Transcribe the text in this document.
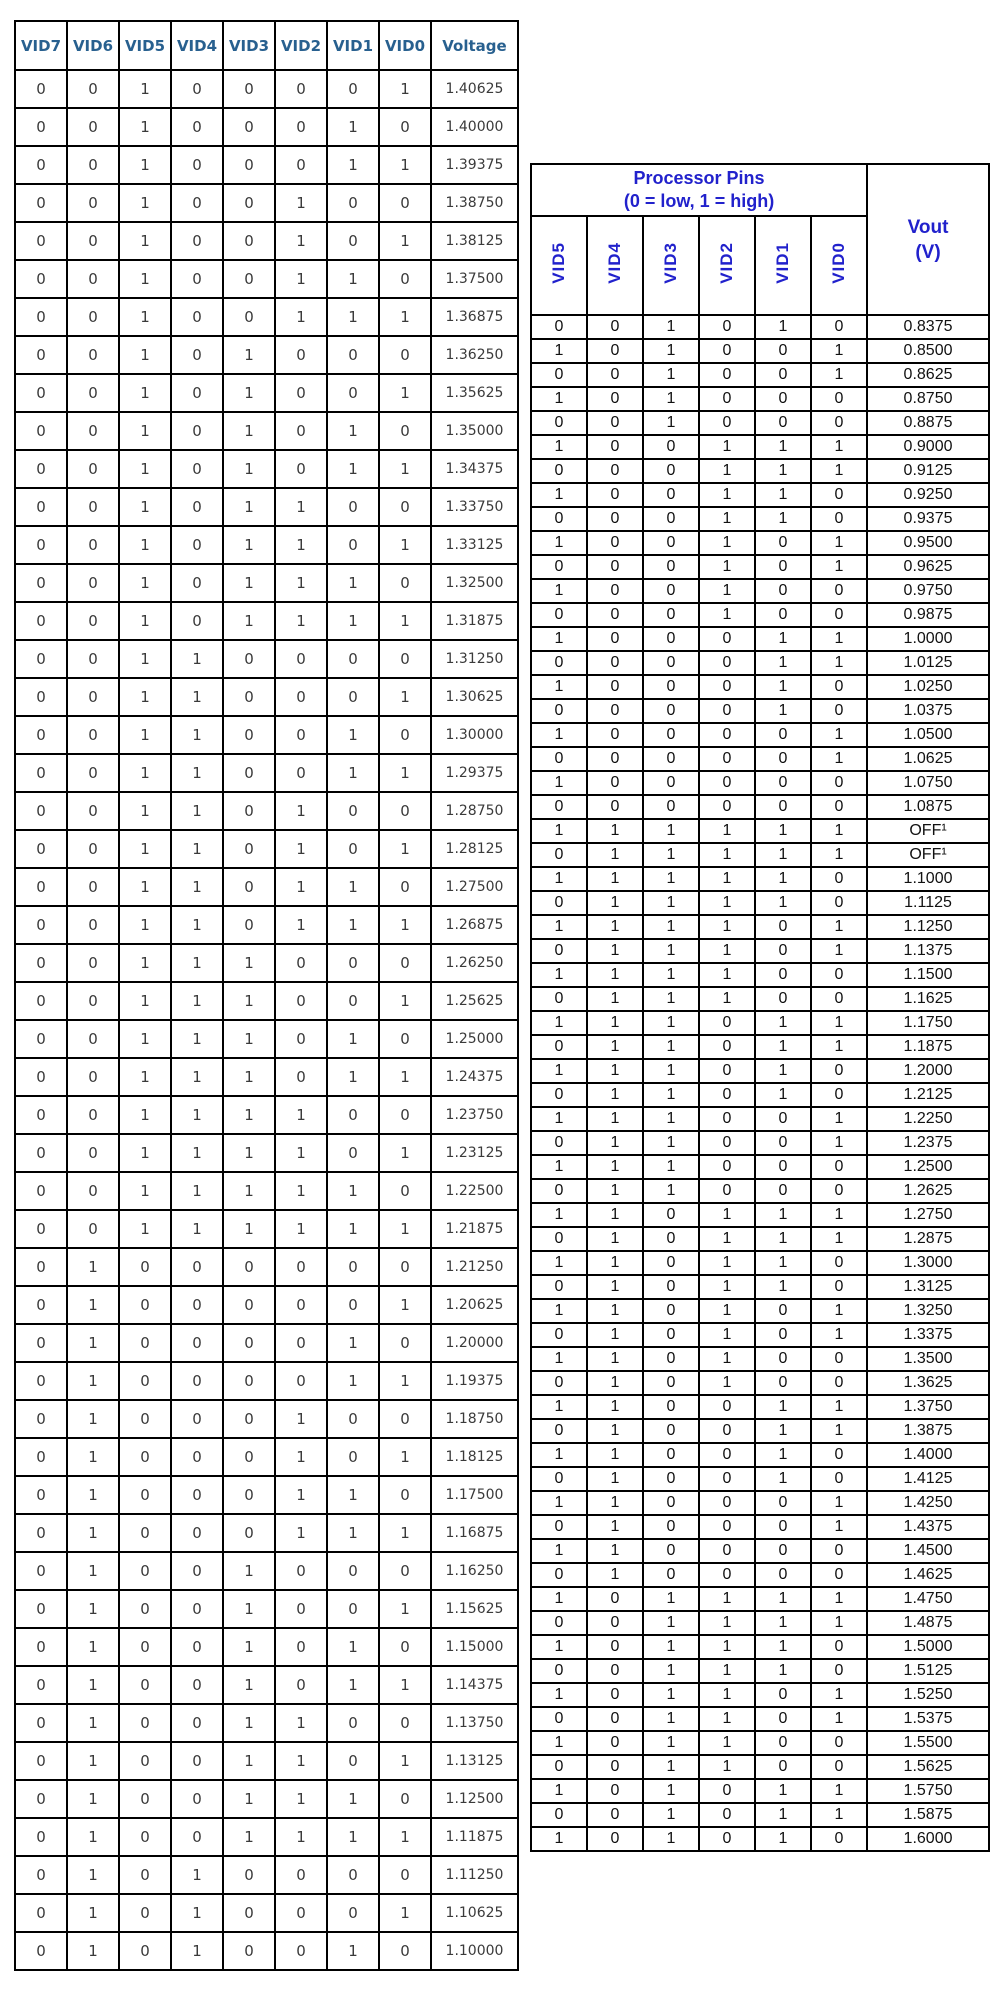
VID7	VID6	VID5	VID4	VID3	VID2	VID1	VID0	Voltage
0	0	1	0	0	0	0	1	1.40625
0	0	1	0	0	0	1	0	1.40000
0	0	1	0	0	0	1	1	1.39375
0	0	1	0	0	1	0	0	1.38750
0	0	1	0	0	1	0	1	1.38125
0	0	1	0	0	1	1	0	1.37500
0	0	1	0	0	1	1	1	1.36875
0	0	1	0	1	0	0	0	1.36250
0	0	1	0	1	0	0	1	1.35625
0	0	1	0	1	0	1	0	1.35000
0	0	1	0	1	0	1	1	1.34375
0	0	1	0	1	1	0	0	1.33750
0	0	1	0	1	1	0	1	1.33125
0	0	1	0	1	1	1	0	1.32500
0	0	1	0	1	1	1	1	1.31875
0	0	1	1	0	0	0	0	1.31250
0	0	1	1	0	0	0	1	1.30625
0	0	1	1	0	0	1	0	1.30000
0	0	1	1	0	0	1	1	1.29375
0	0	1	1	0	1	0	0	1.28750
0	0	1	1	0	1	0	1	1.28125
0	0	1	1	0	1	1	0	1.27500
0	0	1	1	0	1	1	1	1.26875
0	0	1	1	1	0	0	0	1.26250
0	0	1	1	1	0	0	1	1.25625
0	0	1	1	1	0	1	0	1.25000
0	0	1	1	1	0	1	1	1.24375
0	0	1	1	1	1	0	0	1.23750
0	0	1	1	1	1	0	1	1.23125
0	0	1	1	1	1	1	0	1.22500
0	0	1	1	1	1	1	1	1.21875
0	1	0	0	0	0	0	0	1.21250
0	1	0	0	0	0	0	1	1.20625
0	1	0	0	0	0	1	0	1.20000
0	1	0	0	0	0	1	1	1.19375
0	1	0	0	0	1	0	0	1.18750
0	1	0	0	0	1	0	1	1.18125
0	1	0	0	0	1	1	0	1.17500
0	1	0	0	0	1	1	1	1.16875
0	1	0	0	1	0	0	0	1.16250
0	1	0	0	1	0	0	1	1.15625
0	1	0	0	1	0	1	0	1.15000
0	1	0	0	1	0	1	1	1.14375
0	1	0	0	1	1	0	0	1.13750
0	1	0	0	1	1	0	1	1.13125
0	1	0	0	1	1	1	0	1.12500
0	1	0	0	1	1	1	1	1.11875
0	1	0	1	0	0	0	0	1.11250
0	1	0	1	0	0	0	1	1.10625
0	1	0	1	0	0	1	0	1.10000
Processor Pins
(0 = low, 1 = high)

Vout
(V)

VID5	VID4	VID3	VID2	VID1	VID0	
0	0	1	0	1	0	0.8375
1	0	1	0	0	1	0.8500
0	0	1	0	0	1	0.8625
1	0	1	0	0	0	0.8750
0	0	1	0	0	0	0.8875
1	0	0	1	1	1	0.9000
0	0	0	1	1	1	0.9125
1	0	0	1	1	0	0.9250
0	0	0	1	1	0	0.9375
1	0	0	1	0	1	0.9500
0	0	0	1	0	1	0.9625
1	0	0	1	0	0	0.9750
0	0	0	1	0	0	0.9875
1	0	0	0	1	1	1.0000
0	0	0	0	1	1	1.0125
1	0	0	0	1	0	1.0250
0	0	0	0	1	0	1.0375
1	0	0	0	0	1	1.0500
0	0	0	0	0	1	1.0625
1	0	0	0	0	0	1.0750
0	0	0	0	0	0	1.0875
1	1	1	1	1	1	OFF¹
0	1	1	1	1	1	OFF¹
1	1	1	1	1	0	1.1000
0	1	1	1	1	0	1.1125
1	1	1	1	0	1	1.1250
0	1	1	1	0	1	1.1375
1	1	1	1	0	0	1.1500
0	1	1	1	0	0	1.1625
1	1	1	0	1	1	1.1750
0	1	1	0	1	1	1.1875
1	1	1	0	1	0	1.2000
0	1	1	0	1	0	1.2125
1	1	1	0	0	1	1.2250
0	1	1	0	0	1	1.2375
1	1	1	0	0	0	1.2500
0	1	1	0	0	0	1.2625
1	1	0	1	1	1	1.2750
0	1	0	1	1	1	1.2875
1	1	0	1	1	0	1.3000
0	1	0	1	1	0	1.3125
1	1	0	1	0	1	1.3250
0	1	0	1	0	1	1.3375
1	1	0	1	0	0	1.3500
0	1	0	1	0	0	1.3625
1	1	0	0	1	1	1.3750
0	1	0	0	1	1	1.3875
1	1	0	0	1	0	1.4000
0	1	0	0	1	0	1.4125
1	1	0	0	0	1	1.4250
0	1	0	0	0	1	1.4375
1	1	0	0	0	0	1.4500
0	1	0	0	0	0	1.4625
1	0	1	1	1	1	1.4750
0	0	1	1	1	1	1.4875
1	0	1	1	1	0	1.5000
0	0	1	1	1	0	1.5125
1	0	1	1	0	1	1.5250
0	0	1	1	0	1	1.5375
1	0	1	1	0	0	1.5500
0	0	1	1	0	0	1.5625
1	0	1	0	1	1	1.5750
0	0	1	0	1	1	1.5875
1	0	1	0	1	0	1.6000
